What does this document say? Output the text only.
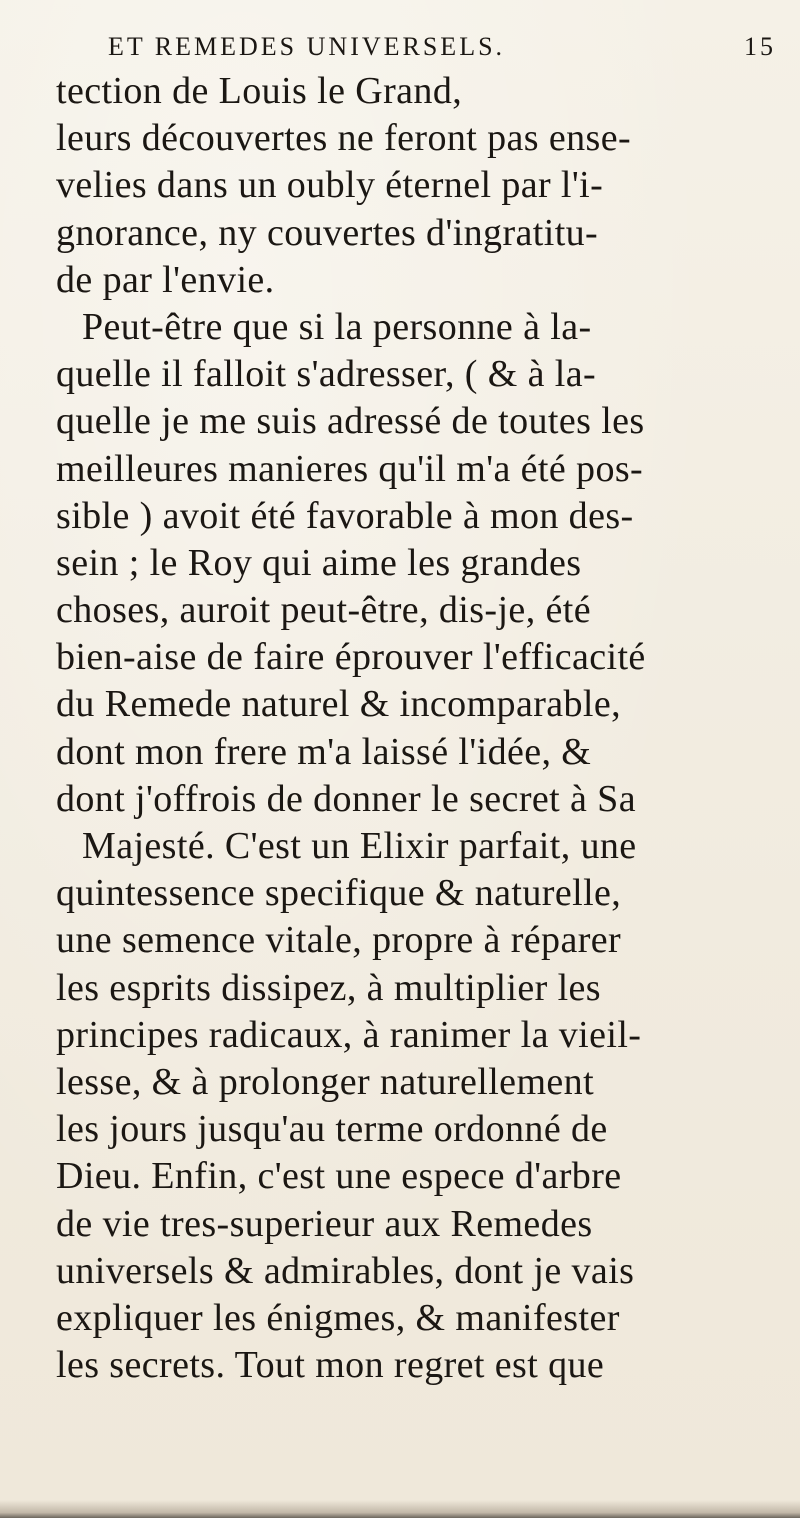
ET REMEDES UNIVERSELS.	15
tection de Louis le Grand,
leurs découvertes ne feront pas ense-
velies dans un oubly éternel par l'i-
gnorance, ny couvertes d'ingratitu-
de par l'envie.
Peut-être que si la personne à la-
quelle il falloit s'adresser, ( & à la-
quelle je me suis adressé de toutes les
meilleures manieres qu'il m'a été pos-
sible ) avoit été favorable à mon des-
sein ; le Roy qui aime les grandes
choses, auroit peut-être, dis-je, été
bien-aise de faire éprouver l'efficacité
du Remede naturel & incomparable,
dont mon frere m'a laissé l'idée, &
dont j'offrois de donner le secret à Sa
Majesté. C'est un Elixir parfait, une
quintessence specifique & naturelle,
une semence vitale, propre à réparer
les esprits dissipez, à multiplier les
principes radicaux, à ranimer la vieil-
lesse, & à prolonger naturellement
les jours jusqu'au terme ordonné de
Dieu. Enfin, c'est une espece d'arbre
de vie tres-superieur aux Remedes
universels & admirables, dont je vais
expliquer les énigmes, & manifester
les secrets. Tout mon regret est que
